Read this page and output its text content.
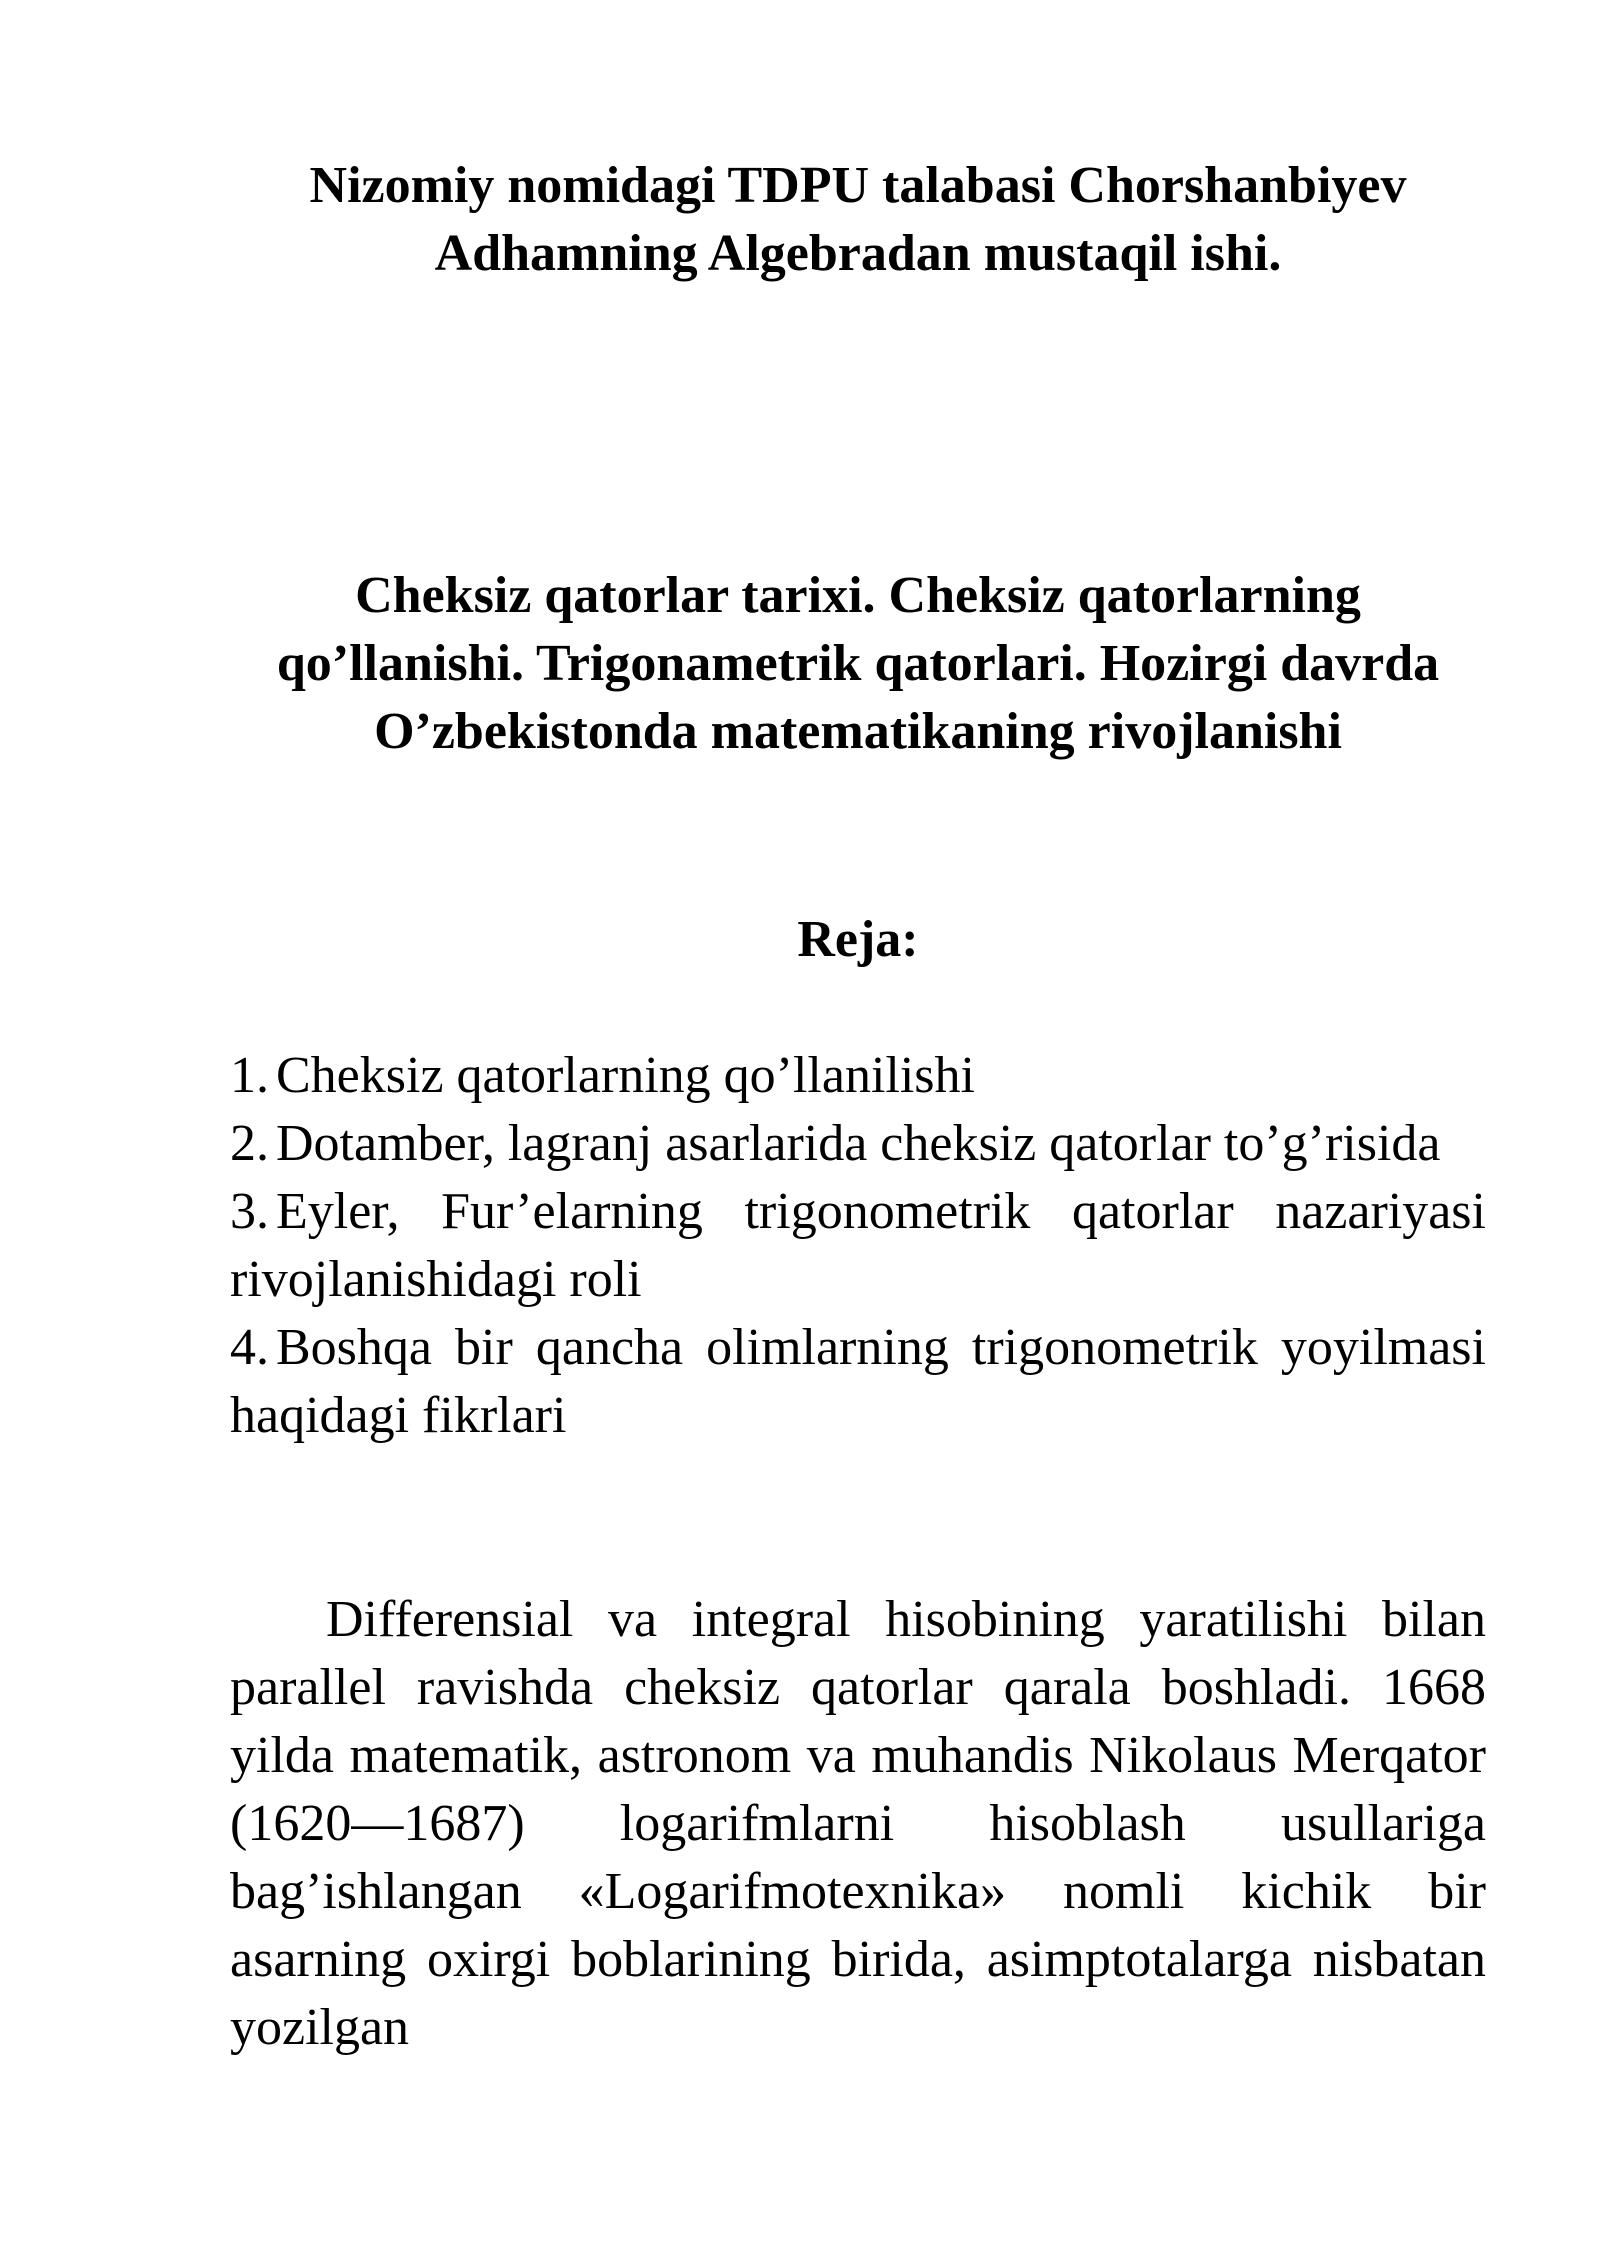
Nizomiy nomidagi TDPU talabasi Chorshanbiyev Adhamning Algebradan mustaqil ishi.
Cheksiz qatorlar tarixi. Cheksiz qatorlarning qo’llanishi. Trigonametrik qatorlari. Hozirgi davrda O’zbekistonda matematikaning rivojlanishi
Reja:
1. Cheksiz qatorlarning qo’llanilishi
2. Dotamber, lagranj asarlarida cheksiz qatorlar to’g’risida
3. Eyler, Fur’elarning trigonometrik qatorlar nazariyasi rivojlanishidagi roli
4. Boshqa bir qancha olimlarning trigonometrik yoyilmasi haqidagi fikrlari

Differensial va integral hisobining yaratilishi bilan parallel ravishda cheksiz qatorlar qarala boshladi. 1668 yilda matematik, astronom va muhandis Nikolaus Merqator (1620—1687) logarifmlarni hisoblash usullariga bag’ishlangan «Logarifmotexnika» nomli kichik bir asarning oxirgi boblarining birida, asimptotalarga nisbatan yozilgan
